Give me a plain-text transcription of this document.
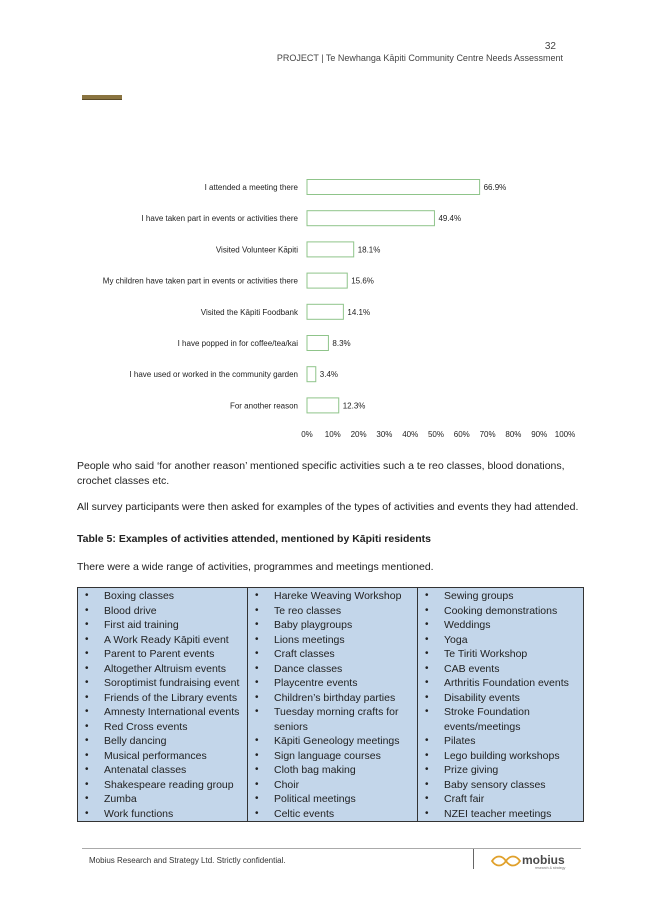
32
PROJECT | Te Newhanga Kāpiti Community Centre Needs Assessment
I attended a meeting there	66.9%
I have taken part in events or activities there	49.4%
Visited Volunteer Kāpiti	18.1%
My children have taken part in events or activities there	15.6%
Visited the Kāpiti Foodbank	14.1%
I have popped in for coffee/tea/kai	8.3%
I have used or worked in the community garden	3.4%
For another reason	12.3%
0% 10% 20% 30% 40% 50% 60% 70% 80% 90% 100%
People who said ‘for another reason’ mentioned specific activities such a te reo classes, blood donations, crochet classes etc.
All survey participants were then asked for examples of the types of activities and events they had attended.
Table 5: Examples of activities attended, mentioned by Kāpiti residents
There were a wide range of activities, programmes and meetings mentioned.
• Boxing classes
• Blood drive
• First aid training
• A Work Ready Kāpiti event
• Parent to Parent events
• Altogether Altruism events
• Soroptimist fundraising event
• Friends of the Library events
• Amnesty International events
• Red Cross events
• Belly dancing
• Musical performances
• Antenatal classes
• Shakespeare reading group
• Zumba
• Work functions

• Hareke Weaving Workshop
• Te reo classes
• Baby playgroups
• Lions meetings
• Craft classes
• Dance classes
• Playcentre events
• Children’s birthday parties
• Tuesday morning crafts for seniors
• Kāpiti Geneology meetings
• Sign language courses
• Cloth bag making
• Choir
• Political meetings
• Celtic events

• Sewing groups
• Cooking demonstrations
• Weddings
• Yoga
• Te Tiriti Workshop
• CAB events
• Arthritis Foundation events
• Disability events
• Stroke Foundation events/meetings
• Pilates
• Lego building workshops
• Prize giving
• Baby sensory classes
• Craft fair
• NZEI teacher meetings
Mobius Research and Strategy Ltd. Strictly confidential.	mobius
research & strategy
